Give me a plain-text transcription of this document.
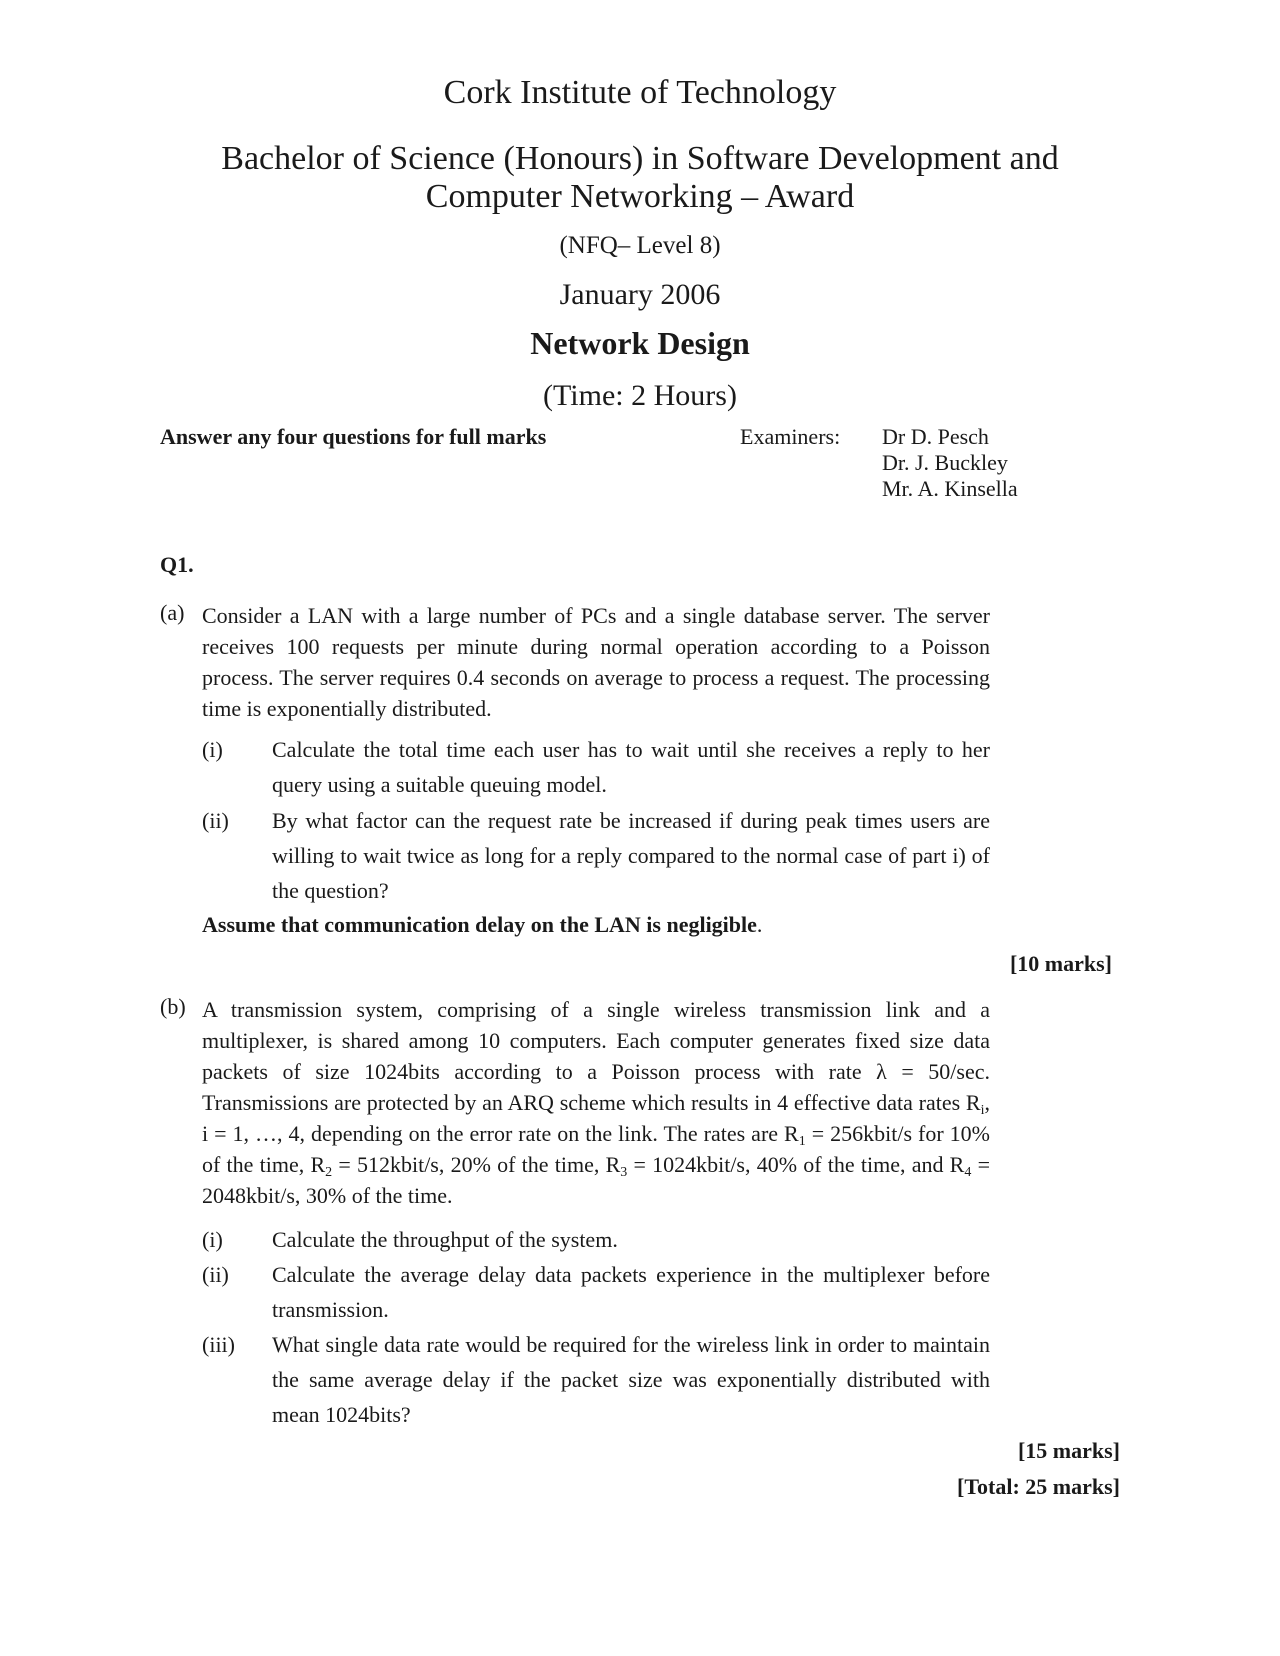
Cork Institute of Technology
Bachelor of Science (Honours) in Software Development and
Computer Networking – Award
(NFQ– Level 8)
January 2006
Network Design
(Time: 2 Hours)
Answer any four questions for full marks	Examiners: Dr D. Pesch
Dr. J. Buckley
Mr. A. Kinsella
Q1.
(a) Consider a LAN with a large number of PCs and a single database server. The server receives 100 requests per minute during normal operation according to a Poisson process. The server requires 0.4 seconds on average to process a request. The processing time is exponentially distributed.
(i) Calculate the total time each user has to wait until she receives a reply to her query using a suitable queuing model.
(ii) By what factor can the request rate be increased if during peak times users are willing to wait twice as long for a reply compared to the normal case of part i) of the question?
Assume that communication delay on the LAN is negligible.
[10 marks]
(b) A transmission system, comprising of a single wireless transmission link and a multiplexer, is shared among 10 computers. Each computer generates fixed size data packets of size 1024bits according to a Poisson process with rate λ = 50/sec. Transmissions are protected by an ARQ scheme which results in 4 effective data rates $R_i$, i = 1, …, 4, depending on the error rate on the link. The rates are $R_1$ = 256kbit/s for 10% of the time, $R_2$ = 512kbit/s, 20% of the time, $R_3$ = 1024kbit/s, 40% of the time, and $R_4$ = 2048kbit/s, 30% of the time.
(i) Calculate the throughput of the system.
(ii) Calculate the average delay data packets experience in the multiplexer before transmission.
(iii) What single data rate would be required for the wireless link in order to maintain the same average delay if the packet size was exponentially distributed with mean 1024bits?
[15 marks]
[Total: 25 marks]
